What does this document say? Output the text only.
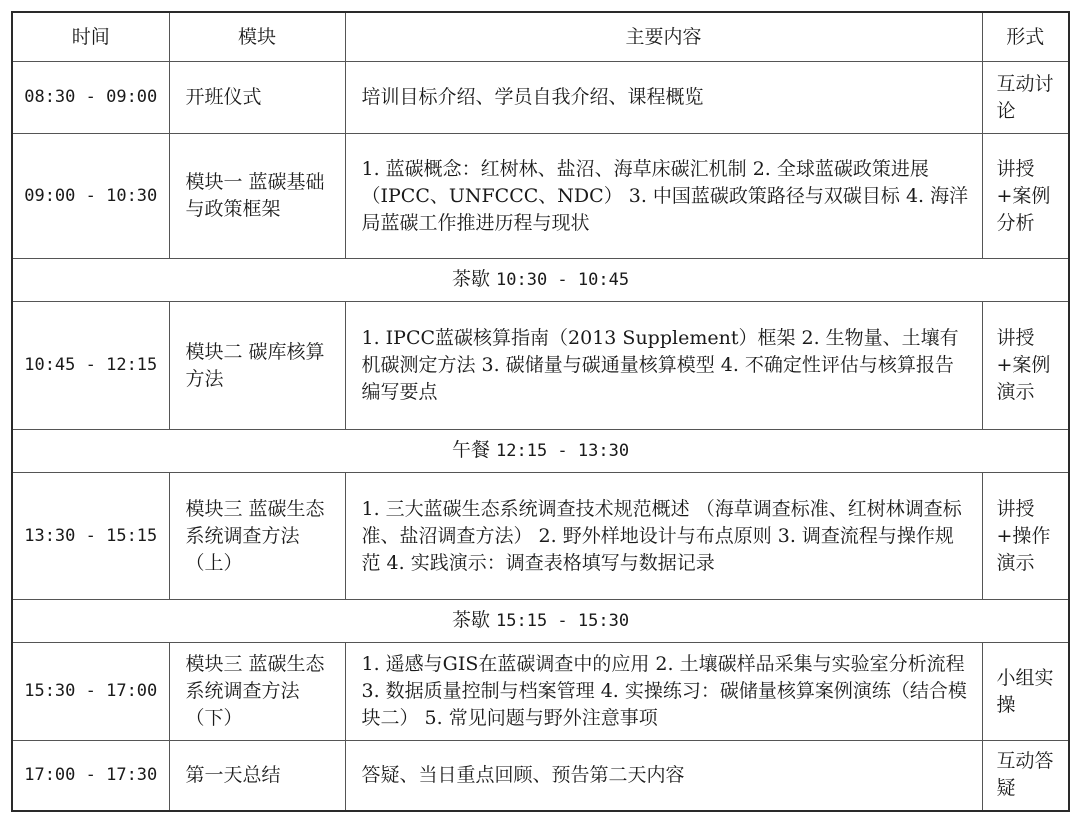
时间	模块	主要内容	形式
08:30 - 09:00	开班仪式	培训目标介绍、学员自我介绍、课程概览	互动讨论
09:00 - 10:30	模块一 蓝碳基础与政策框架	1. 蓝碳概念：红树林、盐沼、海草床碳汇机制 2. 全球蓝碳政策进展（IPCC、UNFCCC、NDC） 3. 中国蓝碳政策路径与双碳目标 4. 海洋局蓝碳工作推进历程与现状	讲授+案例分析
茶歇 10:30 - 10:45			
10:45 - 12:15	模块二 碳库核算方法	1. IPCC蓝碳核算指南（2013 Supplement）框架 2. 生物量、土壤有机碳测定方法 3. 碳储量与碳通量核算模型 4. 不确定性评估与核算报告编写要点	讲授+案例演示
午餐 12:15 - 13:30			
13:30 - 15:15	模块三 蓝碳生态系统调查方法（上）	1. 三大蓝碳生态系统调查技术规范概述 （海草调查标准、红树林调查标准、盐沼调查方法） 2. 野外样地设计与布点原则 3. 调查流程与操作规范 4. 实践演示：调查表格填写与数据记录	讲授+操作演示
茶歇 15:15 - 15:30			
15:30 - 17:00	模块三 蓝碳生态系统调查方法（下）	1. 遥感与GIS在蓝碳调查中的应用 2. 土壤碳样品采集与实验室分析流程 3. 数据质量控制与档案管理 4. 实操练习：碳储量核算案例演练（结合模块二） 5. 常见问题与野外注意事项	小组实操
17:00 - 17:30	第一天总结	答疑、当日重点回顾、预告第二天内容	互动答疑
